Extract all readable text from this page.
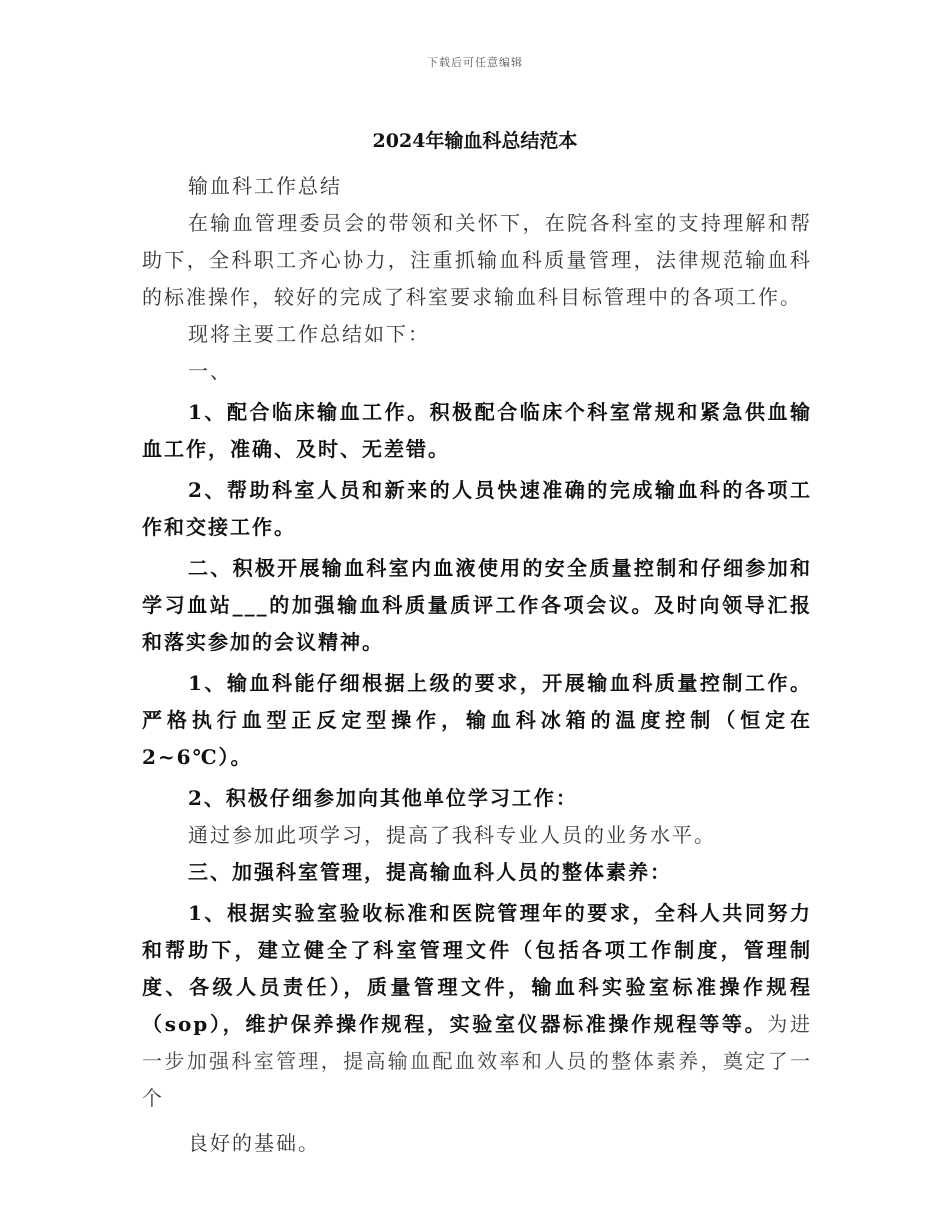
下载后可任意编辑
2024年输血科总结范本

输血科工作总结

在输血管理委员会的带领和关怀下，在院各科室的支持理解和帮助下，全科职工齐心协力，注重抓输血科质量管理，法律规范输血科的标准操作，较好的完成了科室要求输血科目标管理中的各项工作。

现将主要工作总结如下：

一、

1、配合临床输血工作。积极配合临床个科室常规和紧急供血输血工作，准确、及时、无差错。

2、帮助科室人员和新来的人员快速准确的完成输血科的各项工作和交接工作。

二、积极开展输血科室内血液使用的安全质量控制和仔细参加和学习血站___的加强输血科质量质评工作各项会议。及时向领导汇报和落实参加的会议精神。

1、输血科能仔细根据上级的要求，开展输血科质量控制工作。严格执行血型正反定型操作，输血科冰箱的温度控制（恒定在2~6℃）。

2、积极仔细参加向其他单位学习工作：

通过参加此项学习，提高了我科专业人员的业务水平。

三、加强科室管理，提高输血科人员的整体素养：

1、根据实验室验收标准和医院管理年的要求，全科人共同努力和帮助下，建立健全了科室管理文件（包括各项工作制度，管理制度、各级人员责任），质量管理文件，输血科实验室标准操作规程（sop），维护保养操作规程，实验室仪器标准操作规程等等。为进一步加强科室管理，提高输血配血效率和人员的整体素养，奠定了一个

良好的基础。
